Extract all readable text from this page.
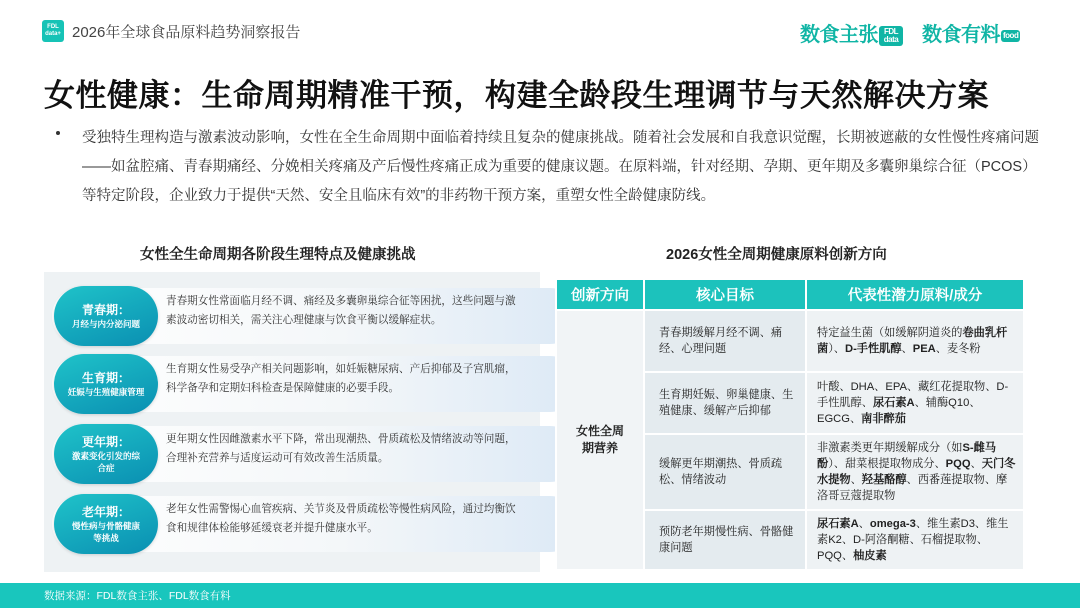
FDL data+ 2026年全球食品原料趋势洞察报告	数食主张 FDL data 数食有料 food
女性健康：生命周期精准干预，构建全龄段生理调节与天然解决方案
受独特生理构造与激素波动影响，女性在全生命周期中面临着持续且复杂的健康挑战。随着社会发展和自我意识觉醒，长期被遮蔽的女性慢性疼痛问题——如盆腔痛、青春期痛经、分娩相关疼痛及产后慢性疼痛正成为重要的健康议题。在原料端，针对经期、孕期、更年期及多囊卵巢综合征（PCOS）等特定阶段，企业致力于提供“天然、安全且临床有效”的非药物干预方案，重塑女性全龄健康防线。
女性全生命周期各阶段生理特点及健康挑战	2026女性全周期健康原料创新方向
青春期：
月经与内分泌问题
青春期女性常面临月经不调、痛经及多囊卵巢综合征等困扰，这些问题与激素波动密切相关，需关注心理健康与饮食平衡以缓解症状。
生育期：
妊娠与生殖健康管理
生育期女性易受孕产相关问题影响，如妊娠糖尿病、产后抑郁及子宫肌瘤，科学备孕和定期妇科检查是保障健康的必要手段。
更年期：
激素变化引发的综合症
更年期女性因雌激素水平下降，常出现潮热、骨质疏松及情绪波动等问题，合理补充营养与适度运动可有效改善生活质量。
老年期：
慢性病与骨骼健康等挑战
老年女性需警惕心血管疾病、关节炎及骨质疏松等慢性病风险，通过均衡饮食和规律体检能够延缓衰老并提升健康水平。
创新方向	核心目标	代表性潜力原料/成分

女性全周期营养	青春期缓解月经不调、痛经、心理问题	特定益生菌（如缓解阴道炎的卷曲乳杆菌）、D-手性肌醇、PEA、麦冬粉
	生育期妊娠、卵巢健康、生殖健康、缓解产后抑郁	叶酸、DHA、EPA、藏红花提取物、D-手性肌醇、尿石素A、辅酶Q10、EGCG、南非醉茄
	缓解更年期潮热、骨质疏松、情绪波动	非激素类更年期缓解成分（如S-雌马酚）、甜菜根提取物成分、PQQ、天门冬水提物、羟基酪醇、西番莲提取物、摩洛哥豆蔻提取物
	预防老年期慢性病、骨骼健康问题	尿石素A、omega-3、维生素D3、维生素K2、D-阿洛酮糖、石榴提取物、PQQ、柚皮素
数据来源：FDL数食主张、FDL数食有料
